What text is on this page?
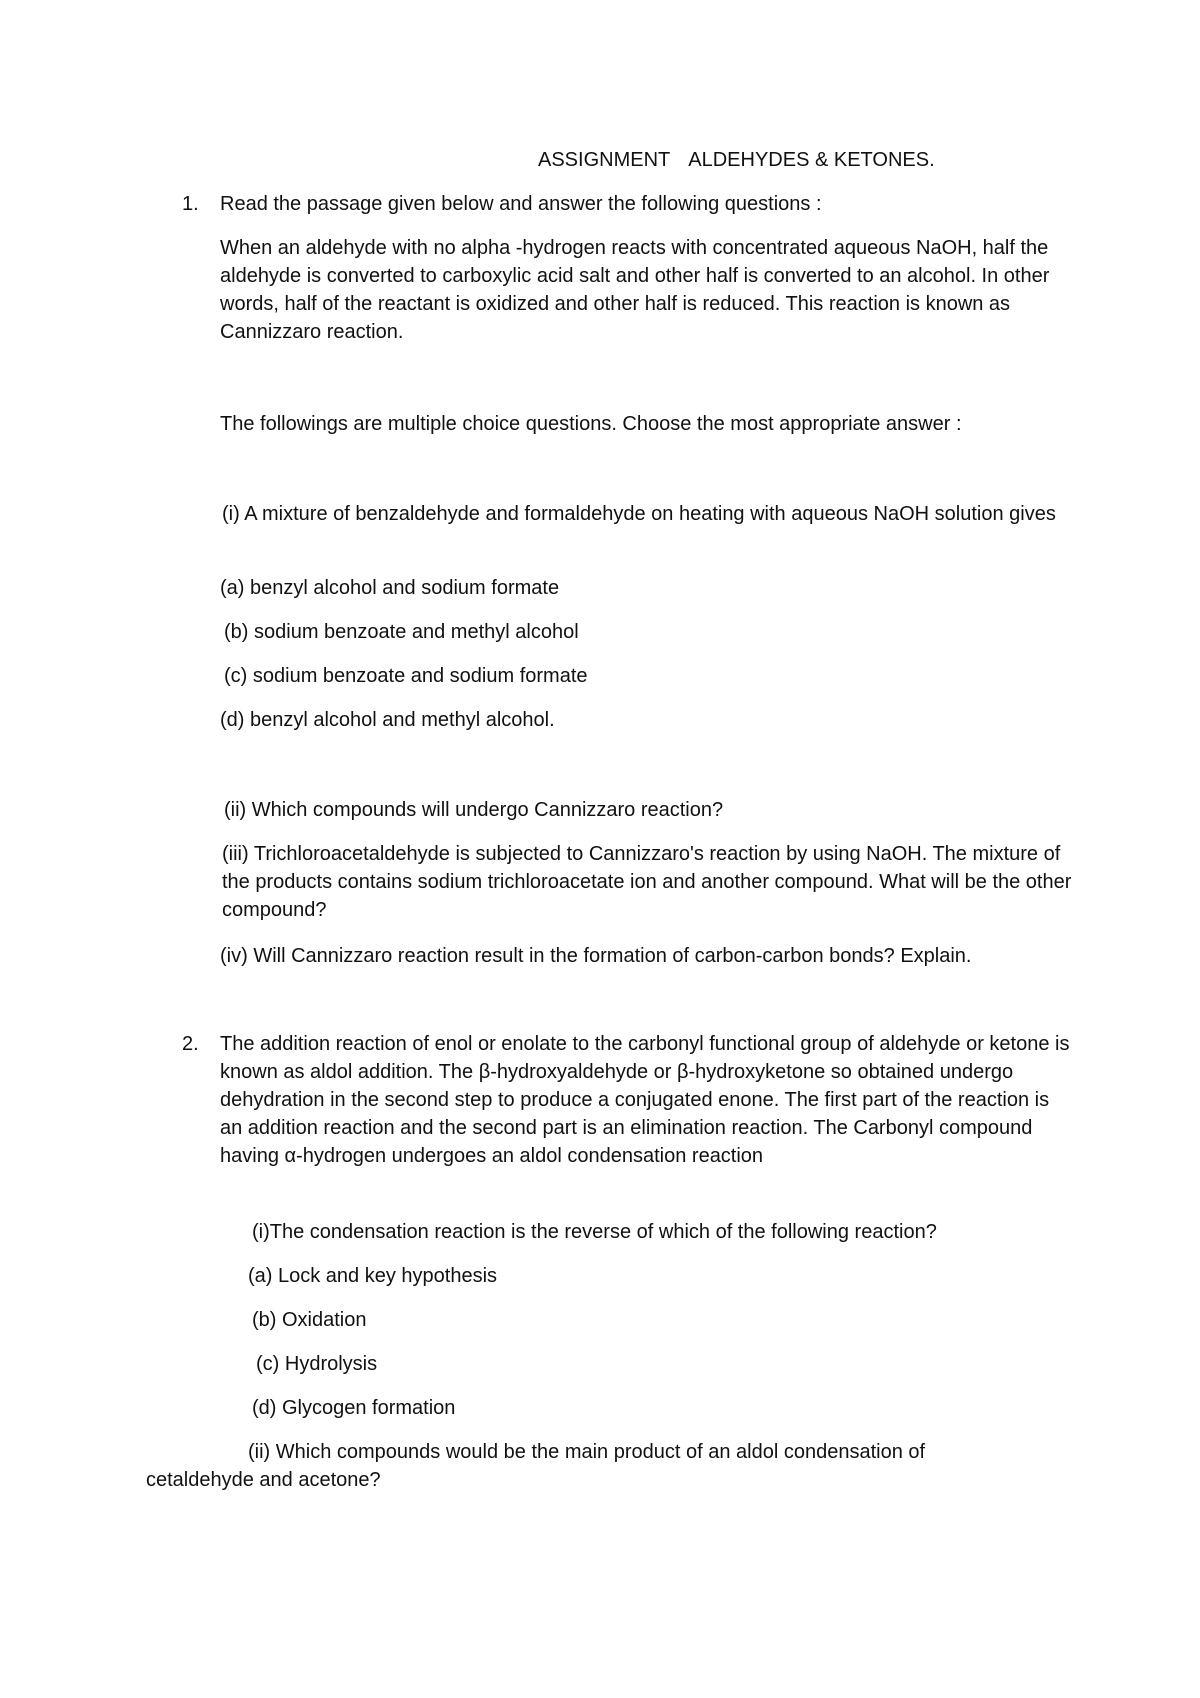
ASSIGNMENT ALDEHYDES & KETONES.
1. Read the passage given below and answer the following questions :
When an aldehyde with no alpha -hydrogen reacts with concentrated aqueous NaOH, half the aldehyde is converted to carboxylic acid salt and other half is converted to an alcohol. In other words, half of the reactant is oxidized and other half is reduced. This reaction is known as Cannizzaro reaction.
The followings are multiple choice questions. Choose the most appropriate answer :
(i) A mixture of benzaldehyde and formaldehyde on heating with aqueous NaOH solution gives
(a) benzyl alcohol and sodium formate
(b) sodium benzoate and methyl alcohol
(c) sodium benzoate and sodium formate
(d) benzyl alcohol and methyl alcohol.
(ii) Which compounds will undergo Cannizzaro reaction?
(iii) Trichloroacetaldehyde is subjected to Cannizzaro's reaction by using NaOH. The mixture of the products contains sodium trichloroacetate ion and another compound. What will be the other compound?
(iv) Will Cannizzaro reaction result in the formation of carbon-carbon bonds? Explain.
2. The addition reaction of enol or enolate to the carbonyl functional group of aldehyde or ketone is known as aldol addition. The β-hydroxyaldehyde or β-hydroxyketone so obtained undergo dehydration in the second step to produce a conjugated enone. The first part of the reaction is an addition reaction and the second part is an elimination reaction. The Carbonyl compound having α-hydrogen undergoes an aldol condensation reaction
(i)The condensation reaction is the reverse of which of the following reaction?
(a) Lock and key hypothesis
(b) Oxidation
(c) Hydrolysis
(d) Glycogen formation
(ii) Which compounds would be the main product of an aldol condensation of
cetaldehyde and acetone?
